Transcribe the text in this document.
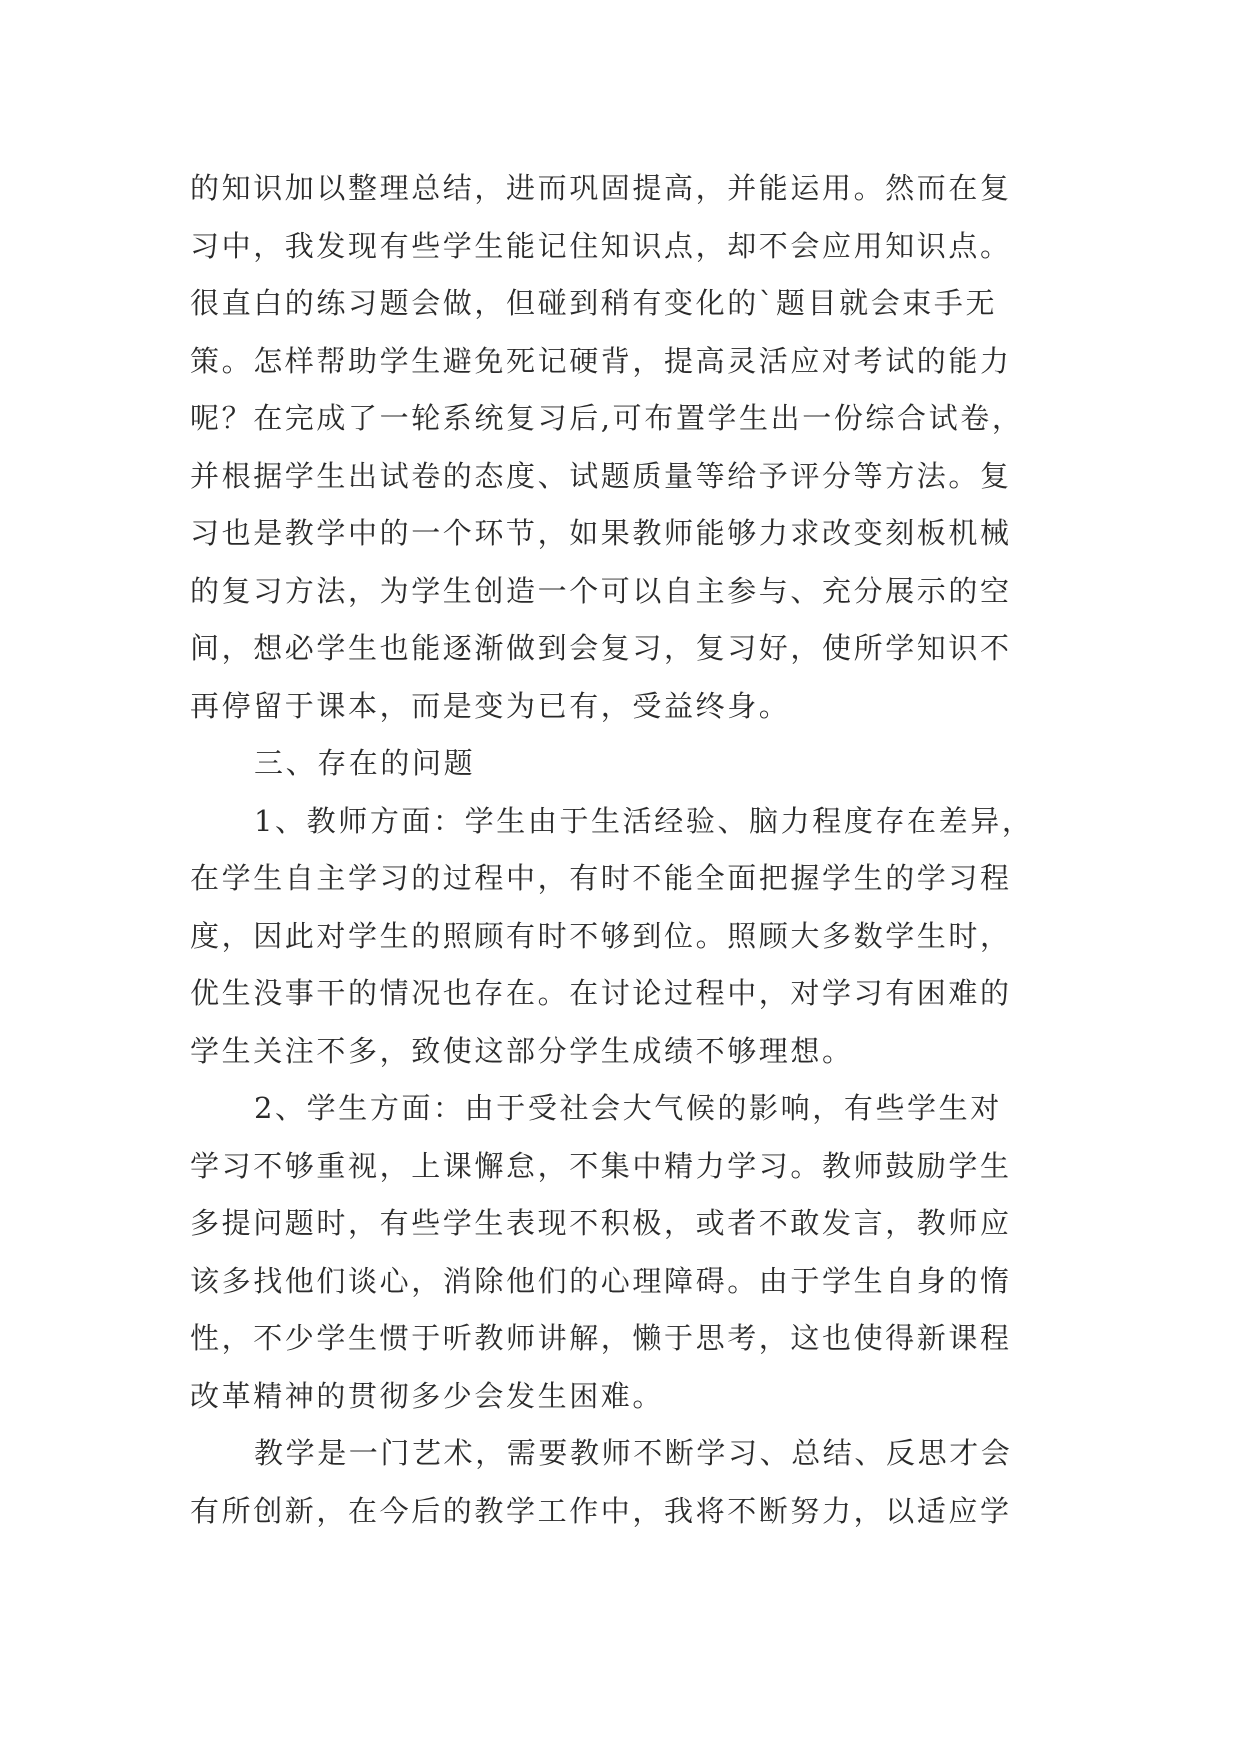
的知识加以整理总结，进而巩固提高，并能运用。然而在复
习中，我发现有些学生能记住知识点，却不会应用知识点。
很直白的练习题会做，但碰到稍有变化的`题目就会束手无
策。怎样帮助学生避免死记硬背，提高灵活应对考试的能力
呢？在完成了一轮系统复习后,可布置学生出一份综合试卷，
并根据学生出试卷的态度、试题质量等给予评分等方法。复
习也是教学中的一个环节，如果教师能够力求改变刻板机械
的复习方法，为学生创造一个可以自主参与、充分展示的空
间，想必学生也能逐渐做到会复习，复习好，使所学知识不
再停留于课本，而是变为已有，受益终身。
三、存在的问题
1、教师方面：学生由于生活经验、脑力程度存在差异，
在学生自主学习的过程中，有时不能全面把握学生的学习程
度，因此对学生的照顾有时不够到位。照顾大多数学生时，
优生没事干的情况也存在。在讨论过程中，对学习有困难的
学生关注不多，致使这部分学生成绩不够理想。
2、学生方面：由于受社会大气候的影响，有些学生对
学习不够重视，上课懈怠，不集中精力学习。教师鼓励学生
多提问题时，有些学生表现不积极，或者不敢发言，教师应
该多找他们谈心，消除他们的心理障碍。由于学生自身的惰
性，不少学生惯于听教师讲解，懒于思考，这也使得新课程
改革精神的贯彻多少会发生困难。
教学是一门艺术，需要教师不断学习、总结、反思才会
有所创新，在今后的教学工作中，我将不断努力，以适应学
